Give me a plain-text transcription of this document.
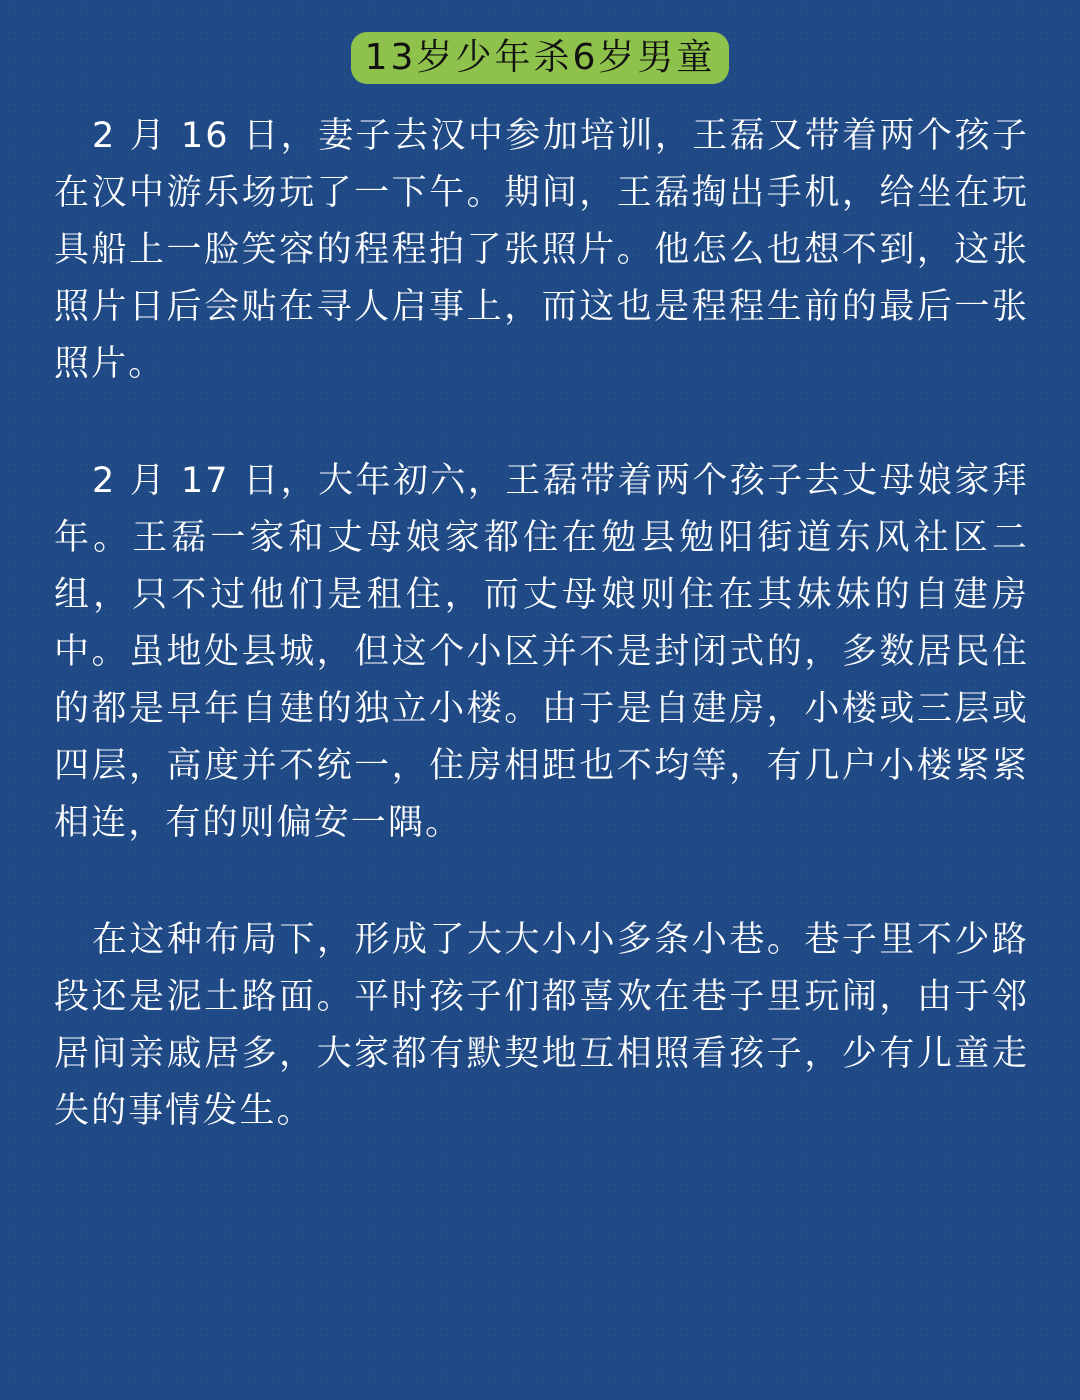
13岁少年杀6岁男童

2 月 16 日，妻子去汉中参加培训，王磊又带着两个孩子在汉中游乐场玩了一下午。期间，王磊掏出手机，给坐在玩具船上一脸笑容的程程拍了张照片。他怎么也想不到，这张照片日后会贴在寻人启事上，而这也是程程生前的最后一张照片。

2 月 17 日，大年初六，王磊带着两个孩子去丈母娘家拜年。王磊一家和丈母娘家都住在勉县勉阳街道东风社区二组，只不过他们是租住，而丈母娘则住在其妹妹的自建房中。虽地处县城，但这个小区并不是封闭式的，多数居民住的都是早年自建的独立小楼。由于是自建房，小楼或三层或四层，高度并不统一，住房相距也不均等，有几户小楼紧紧相连，有的则偏安一隅。

在这种布局下，形成了大大小小多条小巷。巷子里不少路段还是泥土路面。平时孩子们都喜欢在巷子里玩闹，由于邻居间亲戚居多，大家都有默契地互相照看孩子，少有儿童走失的事情发生。
